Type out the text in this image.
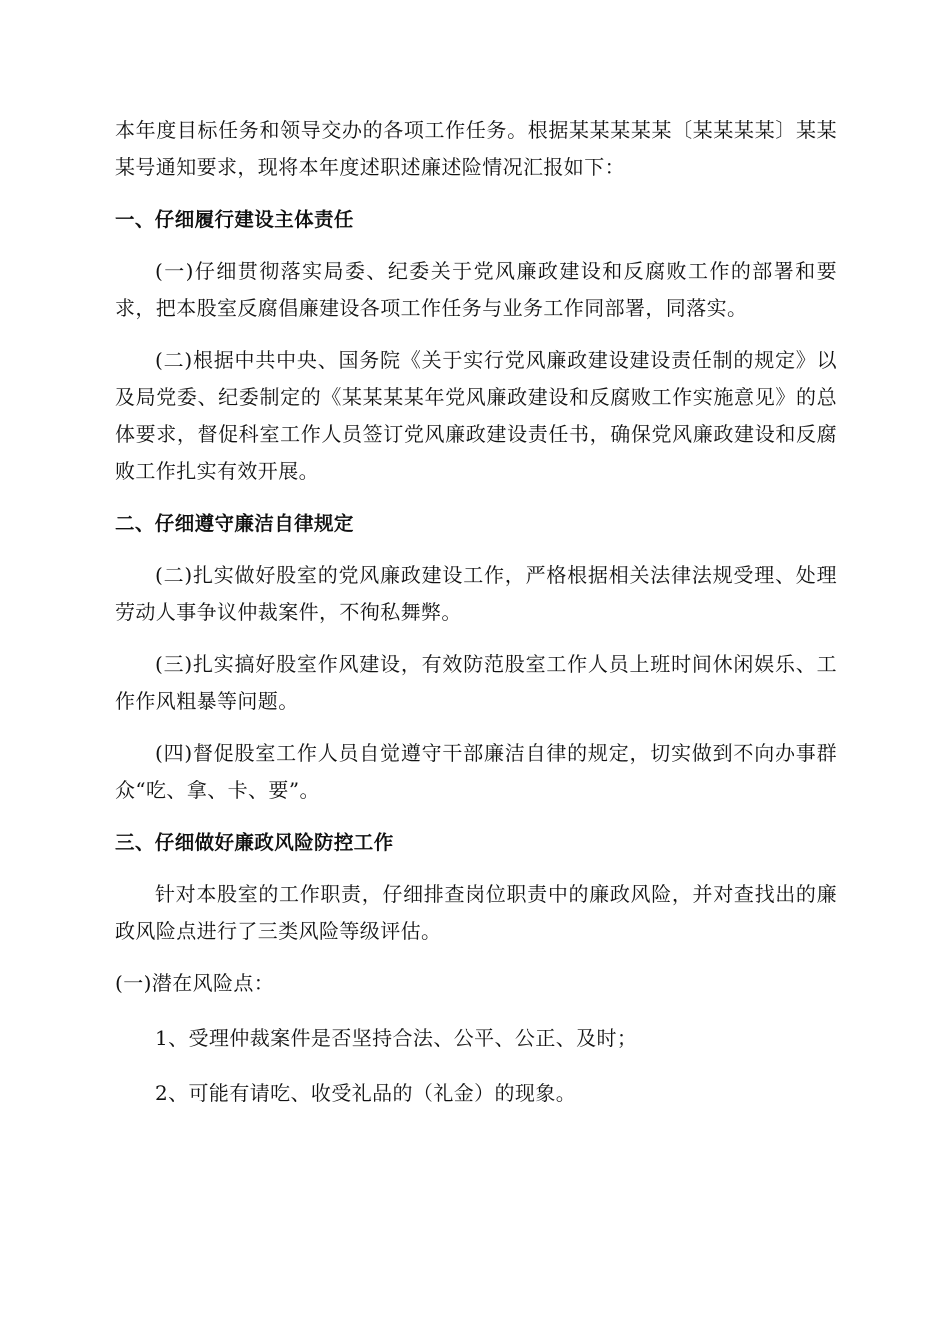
本年度目标任务和领导交办的各项工作任务。根据某某某某某〔某某某某〕某某某号通知要求，现将本年度述职述廉述险情况汇报如下：

一、仔细履行建设主体责任

(一)仔细贯彻落实局委、纪委关于党风廉政建设和反腐败工作的部署和要求，把本股室反腐倡廉建设各项工作任务与业务工作同部署，同落实。

(二)根据中共中央、国务院《关于实行党风廉政建设建设责任制的规定》以及局党委、纪委制定的《某某某某年党风廉政建设和反腐败工作实施意见》的总体要求，督促科室工作人员签订党风廉政建设责任书，确保党风廉政建设和反腐败工作扎实有效开展。

二、仔细遵守廉洁自律规定

(二)扎实做好股室的党风廉政建设工作，严格根据相关法律法规受理、处理劳动人事争议仲裁案件，不徇私舞弊。

(三)扎实搞好股室作风建设，有效防范股室工作人员上班时间休闲娱乐、工作作风粗暴等问题。

(四)督促股室工作人员自觉遵守干部廉洁自律的规定，切实做到不向办事群众“吃、拿、卡、要”。

三、仔细做好廉政风险防控工作

针对本股室的工作职责，仔细排查岗位职责中的廉政风险，并对查找出的廉政风险点进行了三类风险等级评估。

(一)潜在风险点：

1、受理仲裁案件是否坚持合法、公平、公正、及时；

2、可能有请吃、收受礼品的（礼金）的现象。
